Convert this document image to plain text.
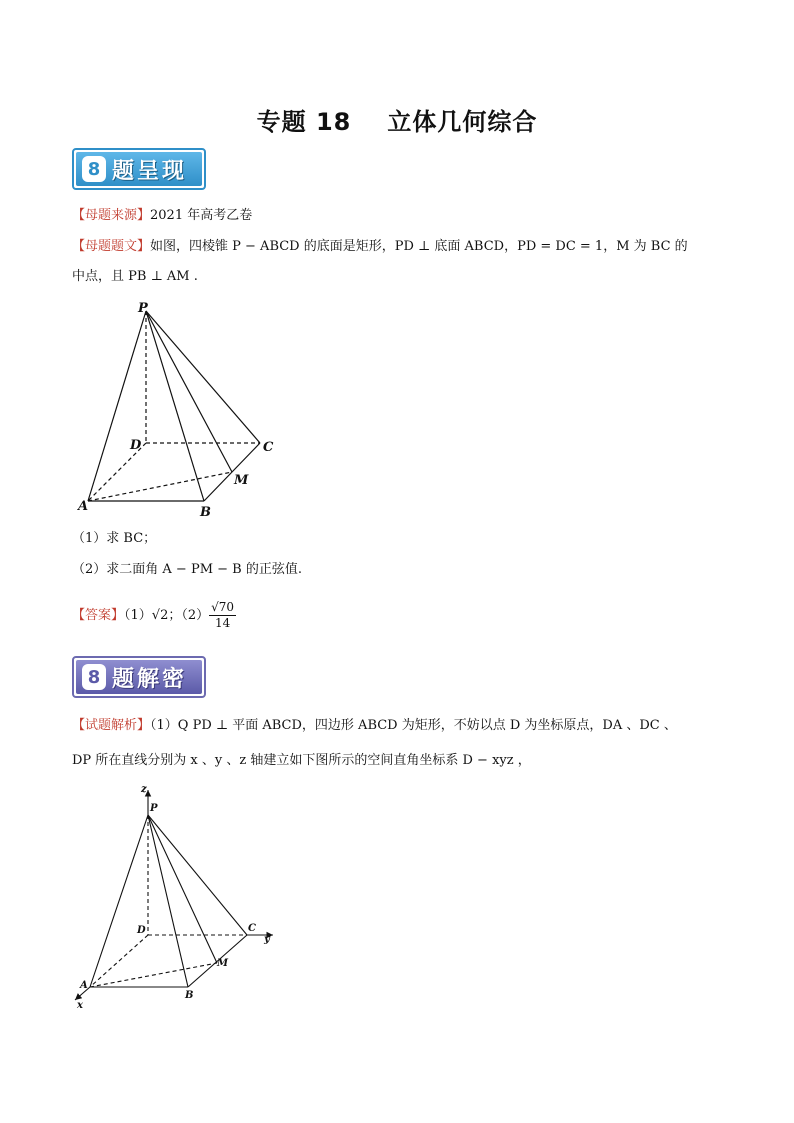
专题 18 立体几何综合
8 题呈现
【母题来源】2021 年高考乙卷
【母题题文】如图，四棱锥 P − ABCD 的底面是矩形，PD ⊥ 底面 ABCD，PD = DC = 1，M 为 BC 的
中点，且 PB ⊥ AM .
P
D	C
M
A	B
（1）求 BC；
（2）求二面角 A − PM − B 的正弦值.
【答案】（1）√2；$(2) \frac{√70}{14}$
8 题解密
【试题解析】（1）Q PD ⊥ 平面 ABCD，四边形 ABCD 为矩形，不妨以点 D 为坐标原点，DA 、DC 、
DP 所在直线分别为 x 、y 、z 轴建立如下图所示的空间直角坐标系 D − xyz ，
z
P
D	C
y
M
A
B
x
